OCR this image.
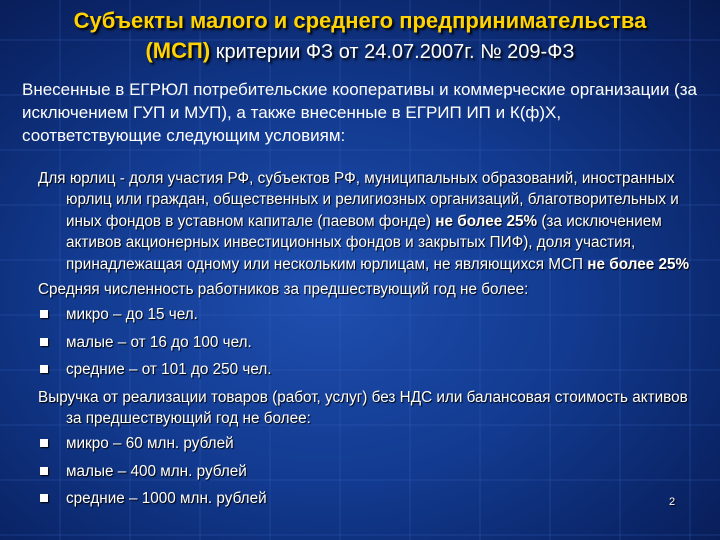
Субъекты малого и среднего предпринимательства
(МСП) критерии ФЗ от 24.07.2007г. № 209-ФЗ
Внесенные в ЕГРЮЛ потребительские кооперативы и коммерческие организации (за исключением ГУП и МУП), а также внесенные в ЕГРИП ИП и К(ф)Х, соответствующие следующим условиям:
Для юрлиц - доля участия РФ, субъектов РФ, муниципальных образований, иностранных юрлиц или граждан, общественных и религиозных организаций, благотворительных и иных фондов в уставном капитале (паевом фонде) не более 25% (за исключением активов акционерных инвестиционных фондов и закрытых ПИФ), доля участия, принадлежащая одному или нескольким юрлицам, не являющихся МСП не более 25%
Средняя численность работников за предшествующий год не более:
микро – до 15 чел.
малые – от 16 до 100 чел.
средние – от 101 до 250 чел.
Выручка от реализации товаров (работ, услуг) без НДС или балансовая стоимость активов за предшествующий год не более:
микро – 60 млн. рублей
малые – 400 млн. рублей
средние – 1000 млн. рублей	2
